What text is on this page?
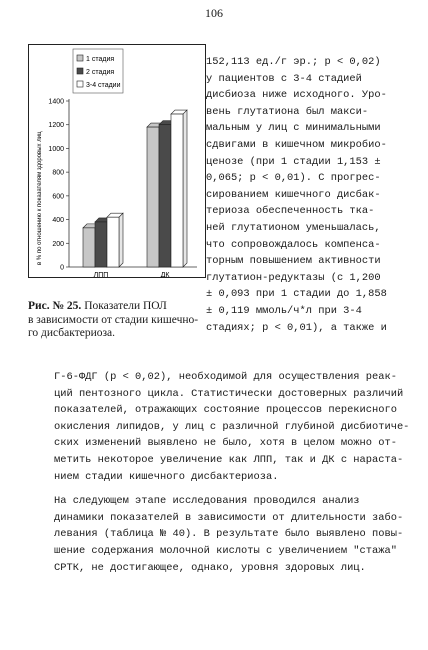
106
в % по отношению к показателям здоровых лиц
0
200
400
600
800
1000
1200
1400
ЛПП	ДК
1 стадия
2 стадия
3-4 стадии
Рис. № 25. Показатели ПОЛ
в зависимости от стадии кишечно-
го дисбактериоза.
152,113 ед./г эр.; р < 0,02)
у пациентов с 3-4 стадией
дисбиоза ниже исходного. Уро-
вень глутатиона был макси-
мальным у лиц с минимальными
сдвигами в кишечном микробио-
ценозе (при 1 стадии 1,153 ±
0,065; р < 0,01). С прогрес-
сированием кишечного дисбак-
териоза обеспеченность тка-
ней глутатионом уменьшалась,
что сопровождалось компенса-
торным повышением активности
глутатион-редуктазы (с 1,200
± 0,093 при 1 стадии до 1,858
± 0,119 ммоль/ч*л при 3-4
стадиях; р < 0,01), а также и
Г-6-ФДГ (р < 0,02), необходимой для осуществления реак-
ций пентозного цикла. Статистически достоверных различий
показателей, отражающих состояние процессов перекисного
окисления липидов, у лиц с различной глубиной дисбиотиче-
ских изменений выявлено не было, хотя в целом можно от-
метить некоторое увеличение как ЛПП, так и ДК с нараста-
нием стадии кишечного дисбактериоза.
На следующем этапе исследования проводился анализ
динамики показателей в зависимости от длительности забо-
левания (таблица № 40). В результате было выявлено повы-
шение содержания молочной кислоты с увеличением "стажа"
СРТК, не достигающее, однако, уровня здоровых лиц.
